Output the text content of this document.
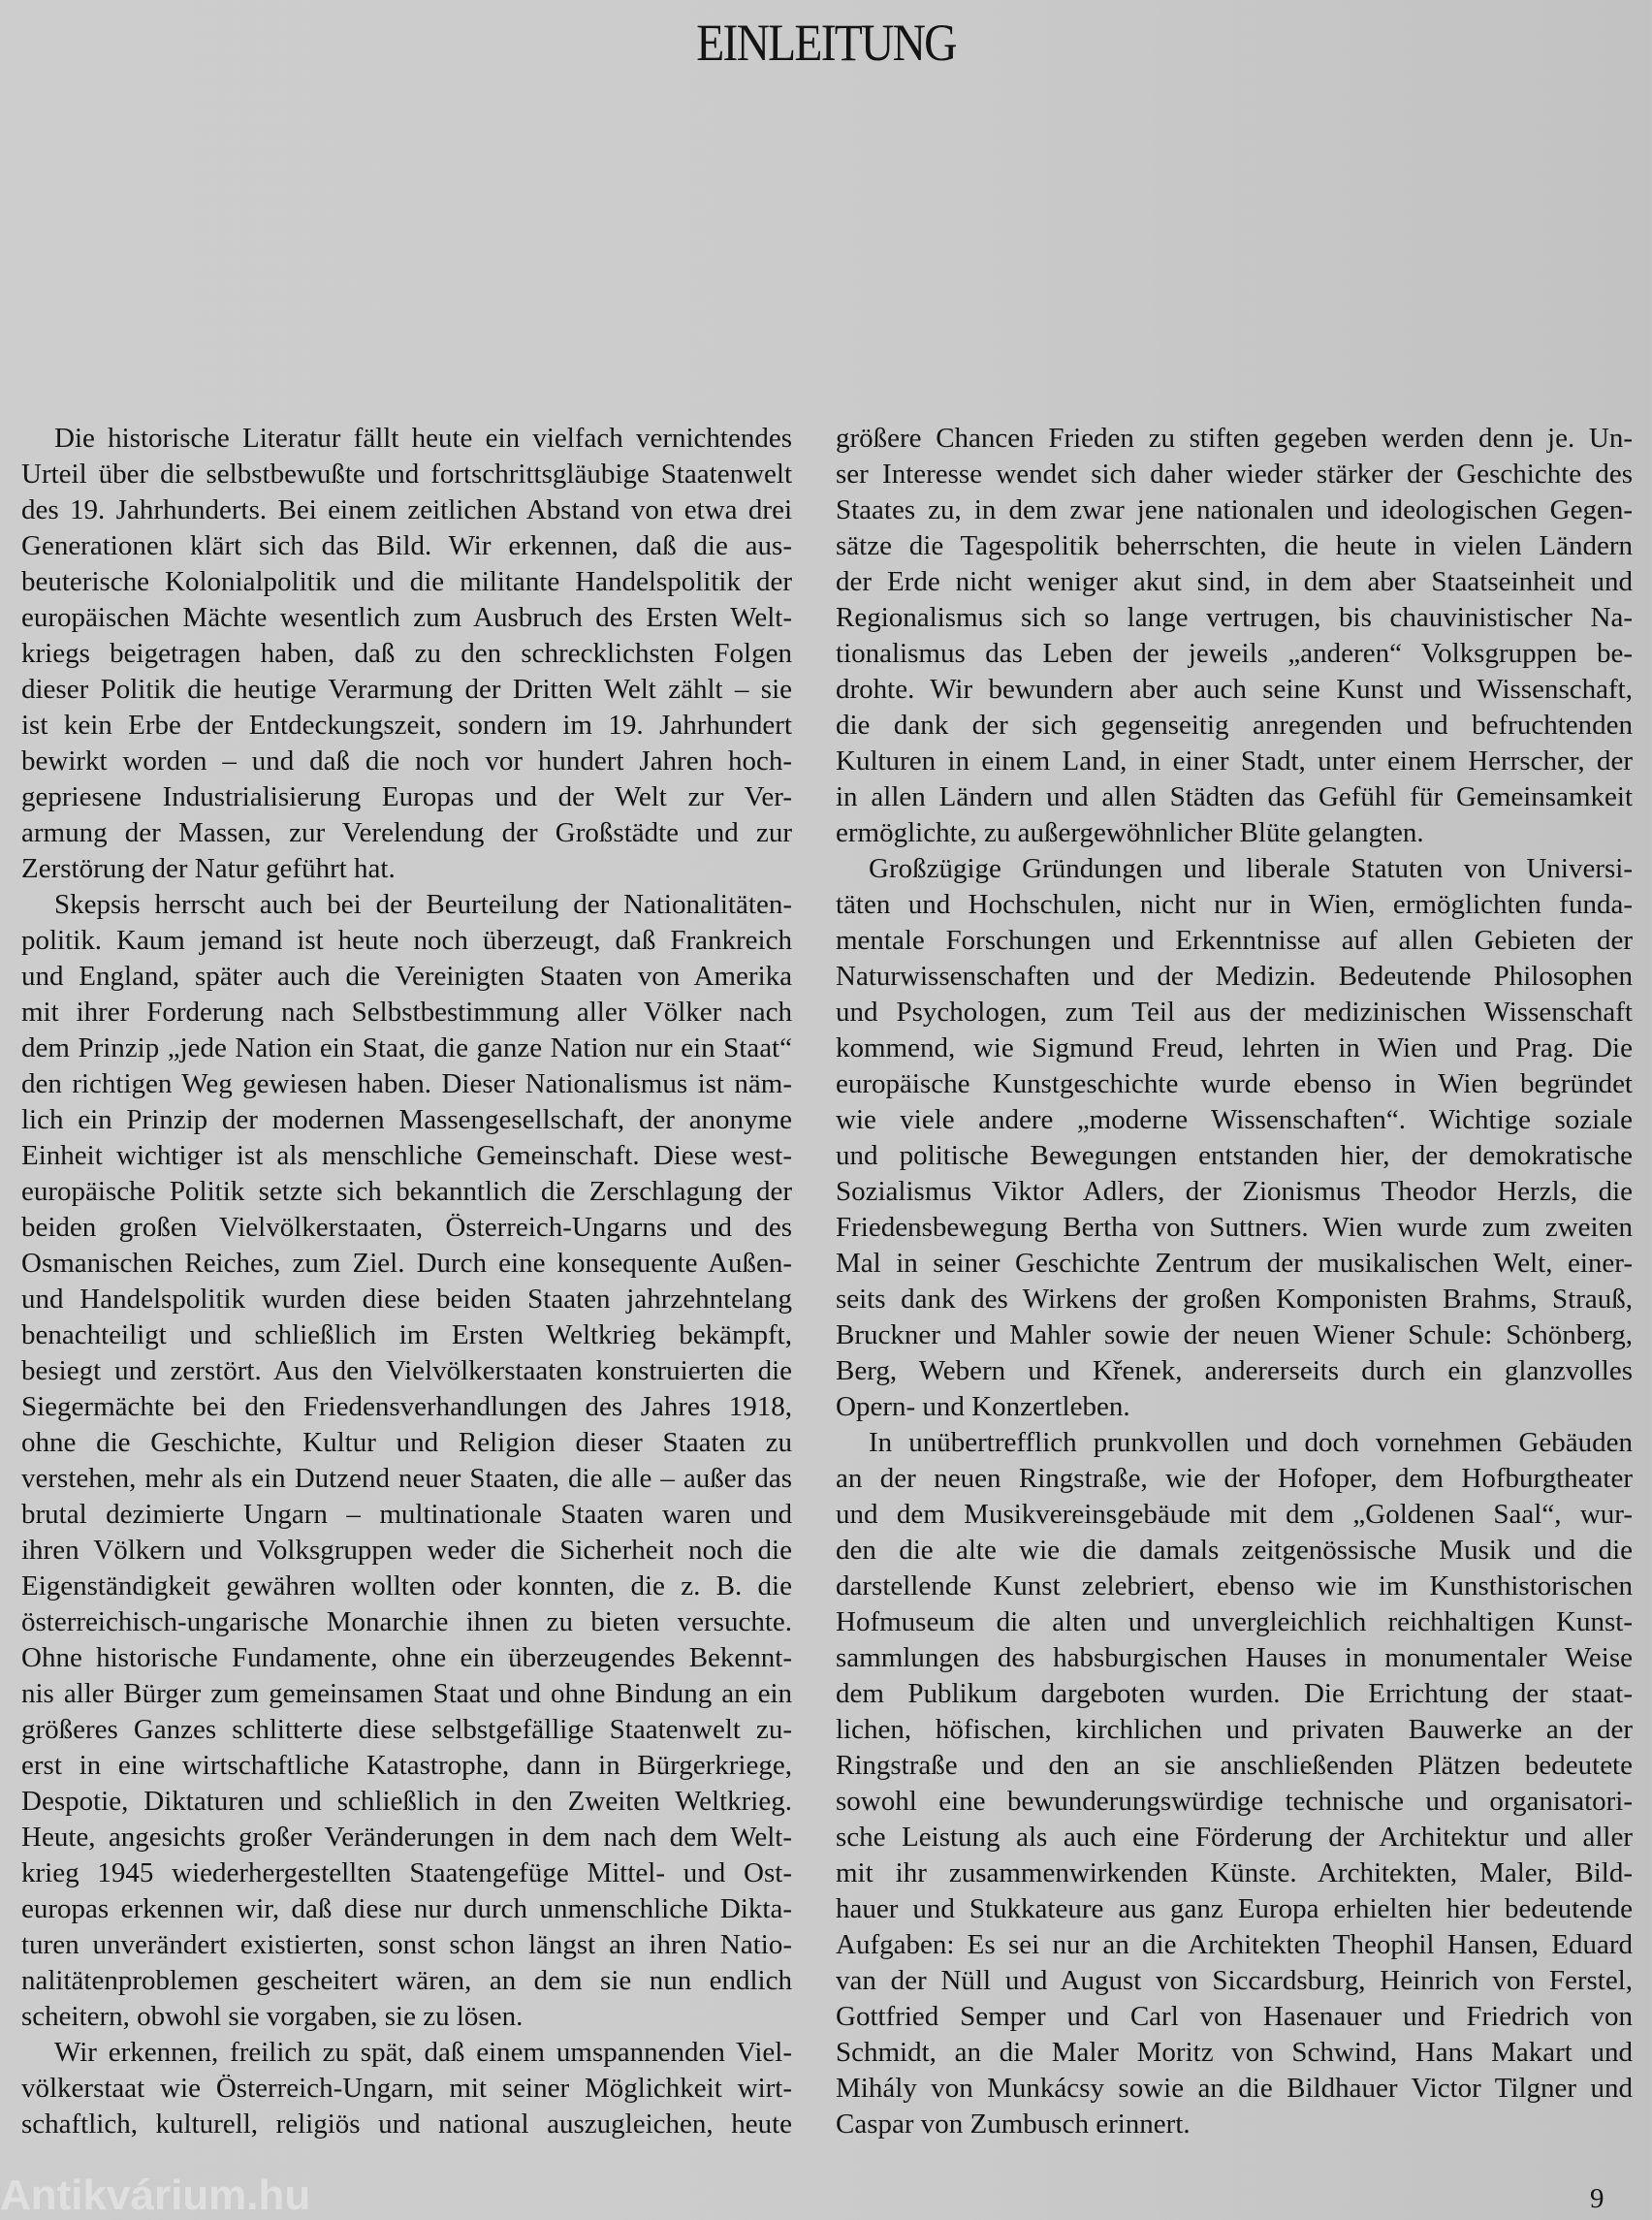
EINLEITUNG
Die historische Literatur fällt heute ein vielfach vernichtendes
Urteil über die selbstbewußte und fortschrittsgläubige Staatenwelt
des 19. Jahrhunderts. Bei einem zeitlichen Abstand von etwa drei
Generationen klärt sich das Bild. Wir erkennen, daß die aus-
beuterische Kolonialpolitik und die militante Handelspolitik der
europäischen Mächte wesentlich zum Ausbruch des Ersten Welt-
kriegs beigetragen haben, daß zu den schrecklichsten Folgen
dieser Politik die heutige Verarmung der Dritten Welt zählt – sie
ist kein Erbe der Entdeckungszeit, sondern im 19. Jahrhundert
bewirkt worden – und daß die noch vor hundert Jahren hoch-
gepriesene Industrialisierung Europas und der Welt zur Ver-
armung der Massen, zur Verelendung der Großstädte und zur
Zerstörung der Natur geführt hat.
Skepsis herrscht auch bei der Beurteilung der Nationalitäten-
politik. Kaum jemand ist heute noch überzeugt, daß Frankreich
und England, später auch die Vereinigten Staaten von Amerika
mit ihrer Forderung nach Selbstbestimmung aller Völker nach
dem Prinzip „jede Nation ein Staat, die ganze Nation nur ein Staat“
den richtigen Weg gewiesen haben. Dieser Nationalismus ist näm-
lich ein Prinzip der modernen Massengesellschaft, der anonyme
Einheit wichtiger ist als menschliche Gemeinschaft. Diese west-
europäische Politik setzte sich bekanntlich die Zerschlagung der
beiden großen Vielvölkerstaaten, Österreich-Ungarns und des
Osmanischen Reiches, zum Ziel. Durch eine konsequente Außen-
und Handelspolitik wurden diese beiden Staaten jahrzehntelang
benachteiligt und schließlich im Ersten Weltkrieg bekämpft,
besiegt und zerstört. Aus den Vielvölkerstaaten konstruierten die
Siegermächte bei den Friedensverhandlungen des Jahres 1918,
ohne die Geschichte, Kultur und Religion dieser Staaten zu
verstehen, mehr als ein Dutzend neuer Staaten, die alle – außer das
brutal dezimierte Ungarn – multinationale Staaten waren und
ihren Völkern und Volksgruppen weder die Sicherheit noch die
Eigenständigkeit gewähren wollten oder konnten, die z. B. die
österreichisch-ungarische Monarchie ihnen zu bieten versuchte.
Ohne historische Fundamente, ohne ein überzeugendes Bekennt-
nis aller Bürger zum gemeinsamen Staat und ohne Bindung an ein
größeres Ganzes schlitterte diese selbstgefällige Staatenwelt zu-
erst in eine wirtschaftliche Katastrophe, dann in Bürgerkriege,
Despotie, Diktaturen und schließlich in den Zweiten Weltkrieg.
Heute, angesichts großer Veränderungen in dem nach dem Welt-
krieg 1945 wiederhergestellten Staatengefüge Mittel- und Ost-
europas erkennen wir, daß diese nur durch unmenschliche Dikta-
turen unverändert existierten, sonst schon längst an ihren Natio-
nalitätenproblemen gescheitert wären, an dem sie nun endlich
scheitern, obwohl sie vorgaben, sie zu lösen.
Wir erkennen, freilich zu spät, daß einem umspannenden Viel-
völkerstaat wie Österreich-Ungarn, mit seiner Möglichkeit wirt-
schaftlich, kulturell, religiös und national auszugleichen, heute
größere Chancen Frieden zu stiften gegeben werden denn je. Un-
ser Interesse wendet sich daher wieder stärker der Geschichte des
Staates zu, in dem zwar jene nationalen und ideologischen Gegen-
sätze die Tagespolitik beherrschten, die heute in vielen Ländern
der Erde nicht weniger akut sind, in dem aber Staatseinheit und
Regionalismus sich so lange vertrugen, bis chauvinistischer Na-
tionalismus das Leben der jeweils „anderen“ Volksgruppen be-
drohte. Wir bewundern aber auch seine Kunst und Wissenschaft,
die dank der sich gegenseitig anregenden und befruchtenden
Kulturen in einem Land, in einer Stadt, unter einem Herrscher, der
in allen Ländern und allen Städten das Gefühl für Gemeinsamkeit
ermöglichte, zu außergewöhnlicher Blüte gelangten.
Großzügige Gründungen und liberale Statuten von Universi-
täten und Hochschulen, nicht nur in Wien, ermöglichten funda-
mentale Forschungen und Erkenntnisse auf allen Gebieten der
Naturwissenschaften und der Medizin. Bedeutende Philosophen
und Psychologen, zum Teil aus der medizinischen Wissenschaft
kommend, wie Sigmund Freud, lehrten in Wien und Prag. Die
europäische Kunstgeschichte wurde ebenso in Wien begründet
wie viele andere „moderne Wissenschaften“. Wichtige soziale
und politische Bewegungen entstanden hier, der demokratische
Sozialismus Viktor Adlers, der Zionismus Theodor Herzls, die
Friedensbewegung Bertha von Suttners. Wien wurde zum zweiten
Mal in seiner Geschichte Zentrum der musikalischen Welt, einer-
seits dank des Wirkens der großen Komponisten Brahms, Strauß,
Bruckner und Mahler sowie der neuen Wiener Schule: Schönberg,
Berg, Webern und Křenek, andererseits durch ein glanzvolles
Opern- und Konzertleben.
In unübertrefflich prunkvollen und doch vornehmen Gebäuden
an der neuen Ringstraße, wie der Hofoper, dem Hofburgtheater
und dem Musikvereinsgebäude mit dem „Goldenen Saal“, wur-
den die alte wie die damals zeitgenössische Musik und die
darstellende Kunst zelebriert, ebenso wie im Kunsthistorischen
Hofmuseum die alten und unvergleichlich reichhaltigen Kunst-
sammlungen des habsburgischen Hauses in monumentaler Weise
dem Publikum dargeboten wurden. Die Errichtung der staat-
lichen, höfischen, kirchlichen und privaten Bauwerke an der
Ringstraße und den an sie anschließenden Plätzen bedeutete
sowohl eine bewunderungswürdige technische und organisatori-
sche Leistung als auch eine Förderung der Architektur und aller
mit ihr zusammenwirkenden Künste. Architekten, Maler, Bild-
hauer und Stukkateure aus ganz Europa erhielten hier bedeutende
Aufgaben: Es sei nur an die Architekten Theophil Hansen, Eduard
van der Nüll und August von Siccardsburg, Heinrich von Ferstel,
Gottfried Semper und Carl von Hasenauer und Friedrich von
Schmidt, an die Maler Moritz von Schwind, Hans Makart und
Mihály von Munkácsy sowie an die Bildhauer Victor Tilgner und
Caspar von Zumbusch erinnert.
Antikvárium.hu	9
